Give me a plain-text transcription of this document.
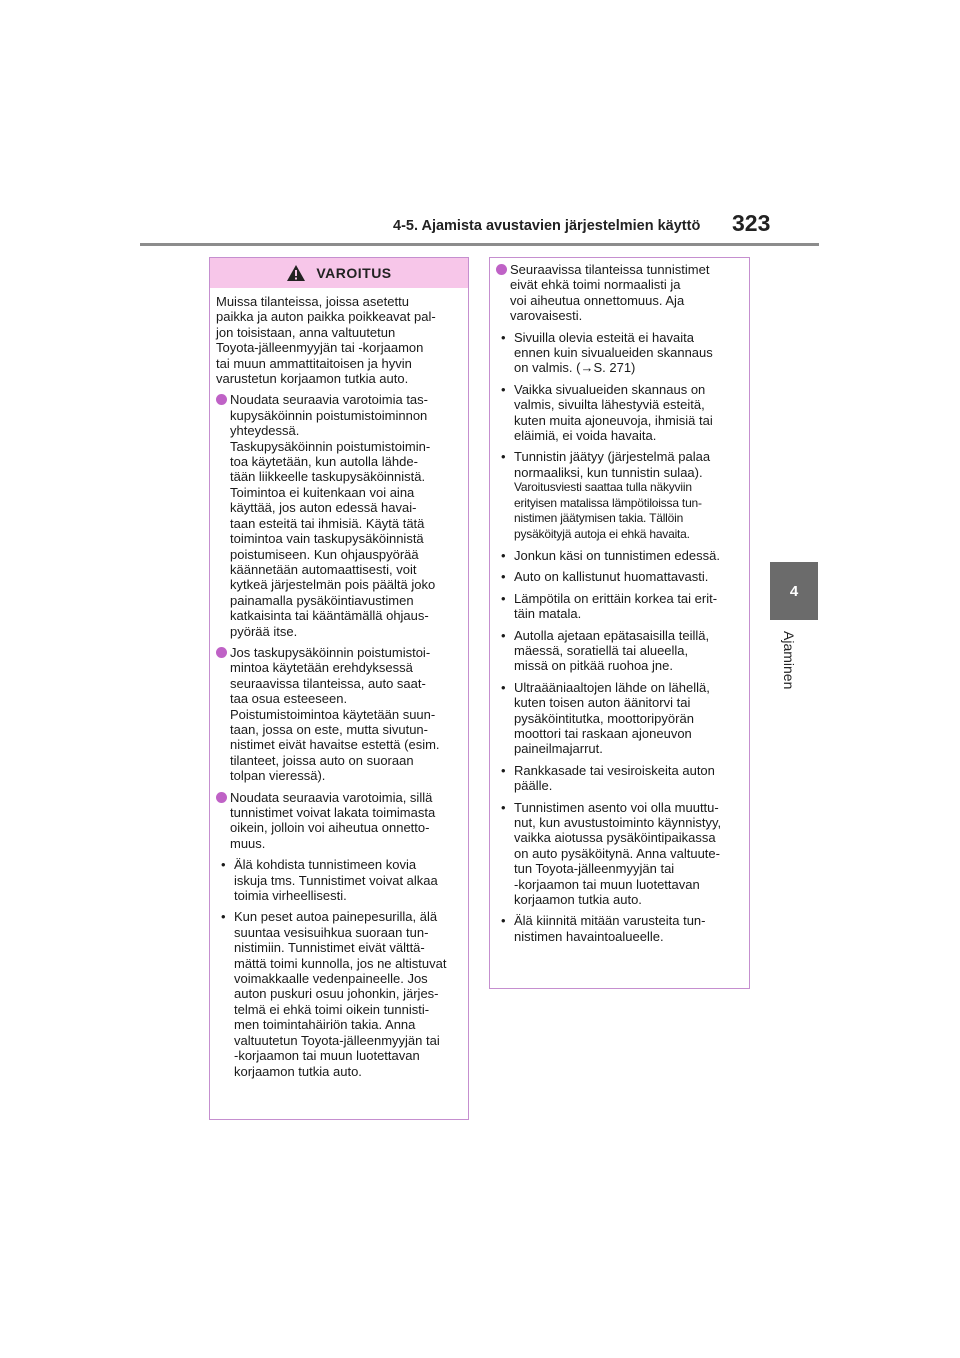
4-5. Ajamista avustavien järjestelmien käyttö 323
4
Ajaminen
VAROITUS

Muissa tilanteissa, joissa asetettu
paikka ja auton paikka poikkeavat pal-
jon toisistaan, anna valtuutetun
Toyota-jälleenmyyjän tai -korjaamon
tai muun ammattitaitoisen ja hyvin
varustetun korjaamon tutkia auto.

Noudata seuraavia varotoimia tas-
kupysäköinnin poistumistoiminnon
yhteydessä.
Taskupysäköinnin poistumistoimin-
toa käytetään, kun autolla lähde-
tään liikkeelle taskupysäköinnistä.
Toimintoa ei kuitenkaan voi aina
käyttää, jos auton edessä havai-
taan esteitä tai ihmisiä. Käytä tätä
toimintoa vain taskupysäköinnistä
poistumiseen. Kun ohjauspyörää
käännetään automaattisesti, voit
kytkeä järjestelmän pois päältä joko
painamalla pysäköintiavustimen
katkaisinta tai kääntämällä ohjaus-
pyörää itse.

Jos taskupysäköinnin poistumistoi-
mintoa käytetään erehdyksessä
seuraavissa tilanteissa, auto saat-
taa osua esteeseen.
Poistumistoimintoa käytetään suun-
taan, jossa on este, mutta sivutun-
nistimet eivät havaitse estettä (esim.
tilanteet, joissa auto on suoraan
tolpan vieressä).

Noudata seuraavia varotoimia, sillä
tunnistimet voivat lakata toimimasta
oikein, jolloin voi aiheutua onnetto-
muus.

• Älä kohdista tunnistimeen kovia
iskuja tms. Tunnistimet voivat alkaa
toimia virheellisesti.

• Kun peset autoa painepesurilla, älä
suuntaa vesisuihkua suoraan tun-
nistimiin. Tunnistimet eivät välttä-
mättä toimi kunnolla, jos ne altistuvat
voimakkaalle vedenpaineelle. Jos
auton puskuri osuu johonkin, järjes-
telmä ei ehkä toimi oikein tunnisti-
men toimintahäiriön takia. Anna
valtuutetun Toyota-jälleenmyyjän tai
-korjaamon tai muun luotettavan
korjaamon tutkia auto.

Seuraavissa tilanteissa tunnistimet
eivät ehkä toimi normaalisti ja
voi aiheutua onnettomuus. Aja
varovaisesti.

• Sivuilla olevia esteitä ei havaita
ennen kuin sivualueiden skannaus
on valmis. (→S. 271)

• Vaikka sivualueiden skannaus on
valmis, sivuilta lähestyviä esteitä,
kuten muita ajoneuvoja, ihmisiä tai
eläimiä, ei voida havaita.

• Tunnistin jäätyy (järjestelmä palaa
normaaliksi, kun tunnistin sulaa).

Varoitusviesti saattaa tulla näkyviin
erityisen matalissa lämpötiloissa tun-
nistimen jäätymisen takia. Tällöin
pysäköityjä autoja ei ehkä havaita.

• Jonkun käsi on tunnistimen edessä.

• Auto on kallistunut huomattavasti.

• Lämpötila on erittäin korkea tai erit-
täin matala.

• Autolla ajetaan epätasaisilla teillä,
mäessä, soratiellä tai alueella,
missä on pitkää ruohoa jne.

• Ultraääniaaltojen lähde on lähellä,
kuten toisen auton äänitorvi tai
pysäköintitutka, moottoripyörän
moottori tai raskaan ajoneuvon
paineilmajarrut.

• Rankkasade tai vesiroiskeita auton
päälle.

• Tunnistimen asento voi olla muuttu-
nut, kun avustustoiminto käynnistyy,
vaikka aiotussa pysäköintipaikassa
on auto pysäköitynä. Anna valtuute-
tun Toyota-jälleenmyyjän tai
-korjaamon tai muun luotettavan
korjaamon tutkia auto.

• Älä kiinnitä mitään varusteita tun-
nistimen havaintoalueelle.
